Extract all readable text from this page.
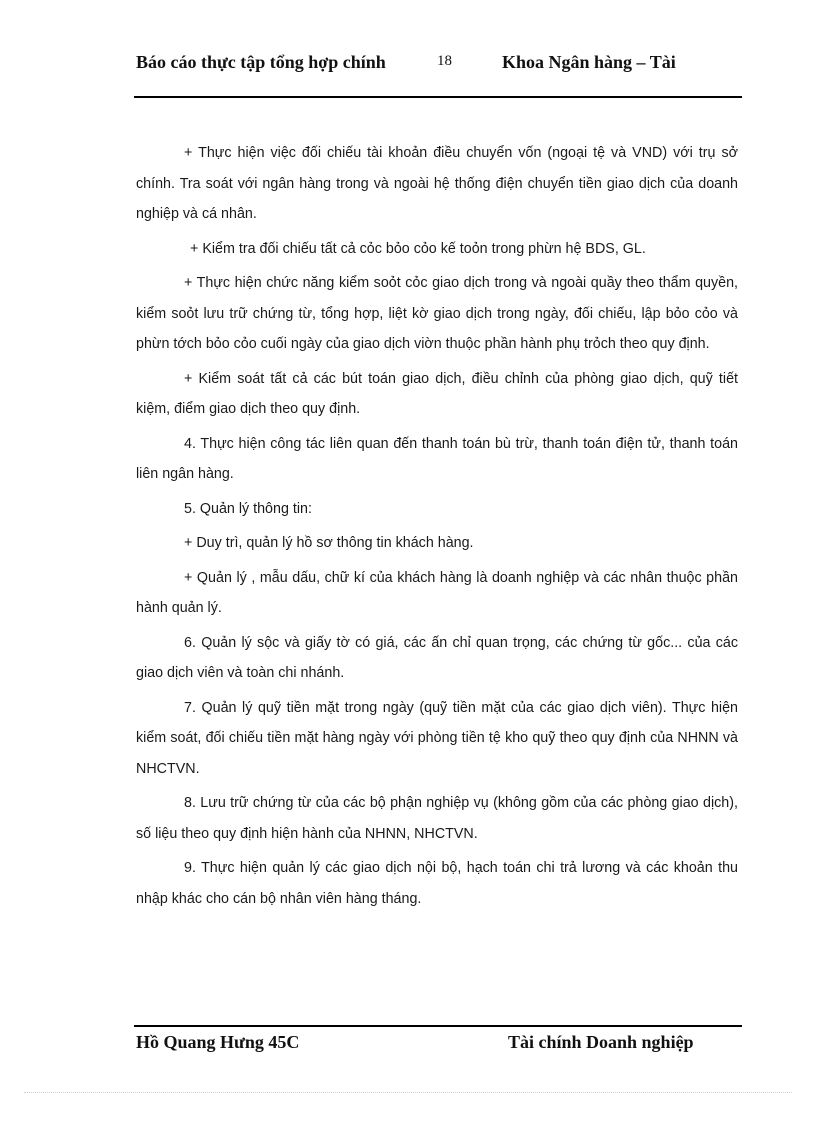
Báo cáo thực tập tổng hợp chính	18	Khoa Ngân hàng – Tài

+ Thực hiện việc đối chiếu tài khoản điều chuyển vốn (ngoại tệ và VND) với trụ sở chính. Tra soát với ngân hàng trong và ngoài hệ thống điện chuyển tiền giao dịch của doanh nghiệp và cá nhân.

+ Kiểm tra đối chiếu tất cả cỏc bỏo cỏo kế toỏn trong phừn hệ BDS, GL.

+ Thực hiện chức năng kiểm soỏt cỏc giao dịch trong và ngoài quầy theo thẩm quyền, kiểm soỏt lưu trữ chứng từ, tổng hợp, liệt kờ giao dịch trong ngày, đối chiếu, lập bỏo cỏo và phừn tớch bỏo cỏo cuối ngày của giao dịch viờn thuộc phần hành phụ trỏch theo quy định.

+ Kiểm soát tất cả các bút toán giao dịch, điều chỉnh của phòng giao dịch, quỹ tiết kiệm, điểm giao dịch theo quy định.

4. Thực hiện công tác liên quan đến thanh toán bù trừ, thanh toán điện tử, thanh toán liên ngân hàng.

5. Quản lý thông tin:

+ Duy trì, quản lý hồ sơ thông tin khách hàng.

+ Quản lý , mẫu dấu, chữ kí của khách hàng là doanh nghiệp và các nhân thuộc phần hành quản lý.

6. Quản lý sộc và giấy tờ có giá, các ấn chỉ quan trọng, các chứng từ gốc... của các giao dịch viên và toàn chi nhánh.

7. Quản lý quỹ tiền mặt trong ngày (quỹ tiền mặt của các giao dịch viên). Thực hiện kiểm soát, đối chiếu tiền mặt hàng ngày với phòng tiền tệ kho quỹ theo quy định của NHNN và NHCTVN.

8. Lưu trữ chứng từ của các bộ phận nghiệp vụ (không gồm của các phòng giao dịch), số liệu theo quy định hiện hành của NHNN, NHCTVN.

9. Thực hiện quản lý các giao dịch nội bộ, hạch toán chi trả lương và các khoản thu nhập khác cho cán bộ nhân viên hàng tháng.

Hồ Quang Hưng 45C	Tài chính Doanh nghiệp
